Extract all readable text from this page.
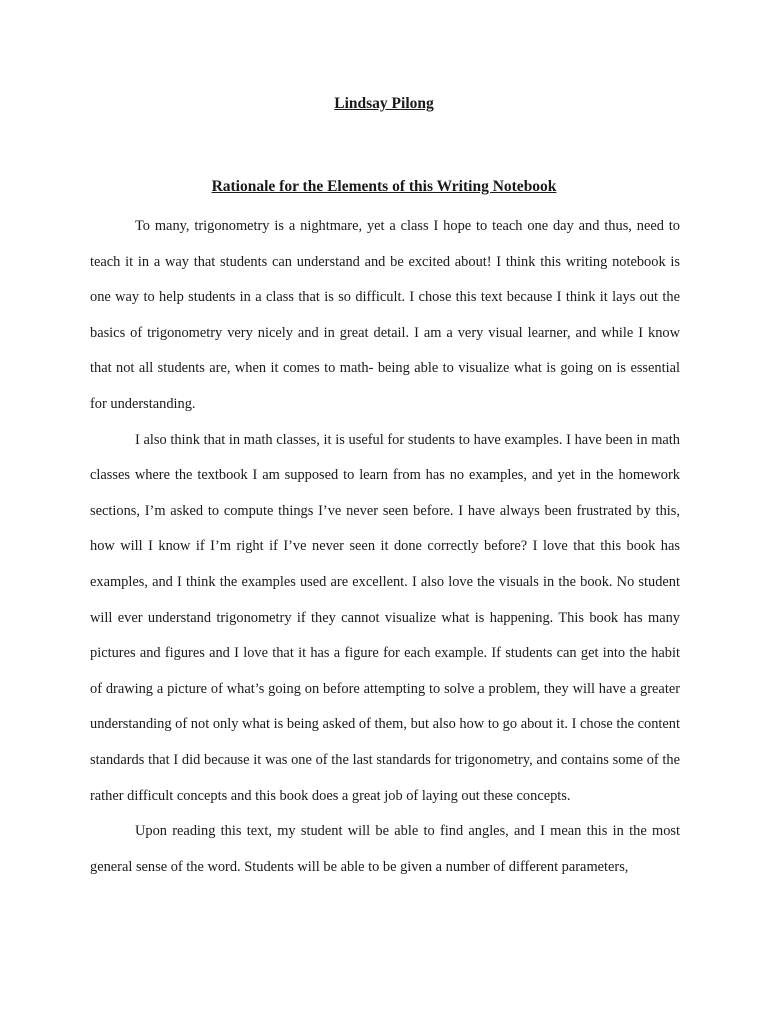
Lindsay Pilong
Rationale for the Elements of this Writing Notebook

To many, trigonometry is a nightmare, yet a class I hope to teach one day and thus, need to teach it in a way that students can understand and be excited about! I think this writing notebook is one way to help students in a class that is so difficult. I chose this text because I think it lays out the basics of trigonometry very nicely and in great detail. I am a very visual learner, and while I know that not all students are, when it comes to math- being able to visualize what is going on is essential for understanding.

I also think that in math classes, it is useful for students to have examples. I have been in math classes where the textbook I am supposed to learn from has no examples, and yet in the homework sections, I’m asked to compute things I’ve never seen before. I have always been frustrated by this, how will I know if I’m right if I’ve never seen it done correctly before? I love that this book has examples, and I think the examples used are excellent. I also love the visuals in the book. No student will ever understand trigonometry if they cannot visualize what is happening. This book has many pictures and figures and I love that it has a figure for each example. If students can get into the habit of drawing a picture of what’s going on before attempting to solve a problem, they will have a greater understanding of not only what is being asked of them, but also how to go about it. I chose the content standards that I did because it was one of the last standards for trigonometry, and contains some of the rather difficult concepts and this book does a great job of laying out these concepts.

Upon reading this text, my student will be able to find angles, and I mean this in the most general sense of the word. Students will be able to be given a number of different parameters,
